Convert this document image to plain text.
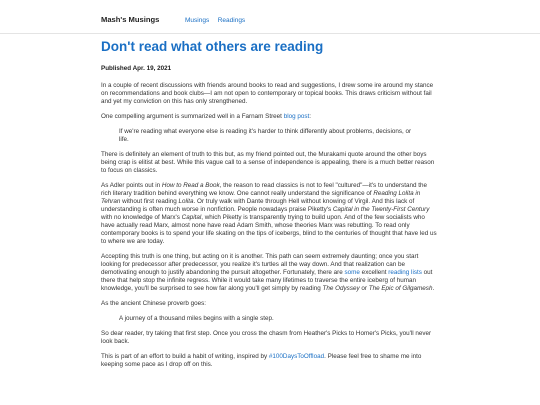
Mash's Musings	Musings Readings
Don't read what others are reading
Published Apr. 19, 2021

In a couple of recent discussions with friends around books to read and suggestions, I drew some ire around my stance on recommendations and book clubs—I am not open to contemporary or topical books. This draws criticism without fail and yet my conviction on this has only strengthened.

One compelling argument is summarized well in a Farnam Street blog post:

If we're reading what everyone else is reading it's harder to think differently about problems, decisions, or life.

There is definitely an element of truth to this but, as my friend pointed out, the Murakami quote around the other boys being crap is elitist at best. While this vague call to a sense of independence is appealing, there is a much better reason to focus on classics.

As Adler points out in How to Read a Book, the reason to read classics is not to feel "cultured"—it's to understand the rich literary tradition behind everything we know. One cannot really understand the significance of Reading Lolita in Tehran without first reading Lolita. Or truly walk with Dante through Hell without knowing of Virgil. And this lack of understanding is often much worse in nonfiction. People nowadays praise Piketty's Capital in the Twenty-First Century with no knowledge of Marx's Capital, which Piketty is transparently trying to build upon. And of the few socialists who have actually read Marx, almost none have read Adam Smith, whose theories Marx was rebutting. To read only contemporary books is to spend your life skating on the tips of icebergs, blind to the centuries of thought that have led us to where we are today.

Accepting this truth is one thing, but acting on it is another. This path can seem extremely daunting; once you start looking for predecessor after predecessor, you realize it's turtles all the way down. And that realization can be demotivating enough to justify abandoning the pursuit altogether. Fortunately, there are some excellent reading lists out there that help stop the infinite regress. While it would take many lifetimes to traverse the entire iceberg of human knowledge, you'll be surprised to see how far along you'll get simply by reading The Odyssey or The Epic of Gilgamesh.

As the ancient Chinese proverb goes:

A journey of a thousand miles begins with a single step.

So dear reader, try taking that first step. Once you cross the chasm from Heather's Picks to Homer's Picks, you'll never look back.

This is part of an effort to build a habit of writing, inspired by #100DaysToOffload. Please feel free to shame me into keeping some pace as I drop off on this.
